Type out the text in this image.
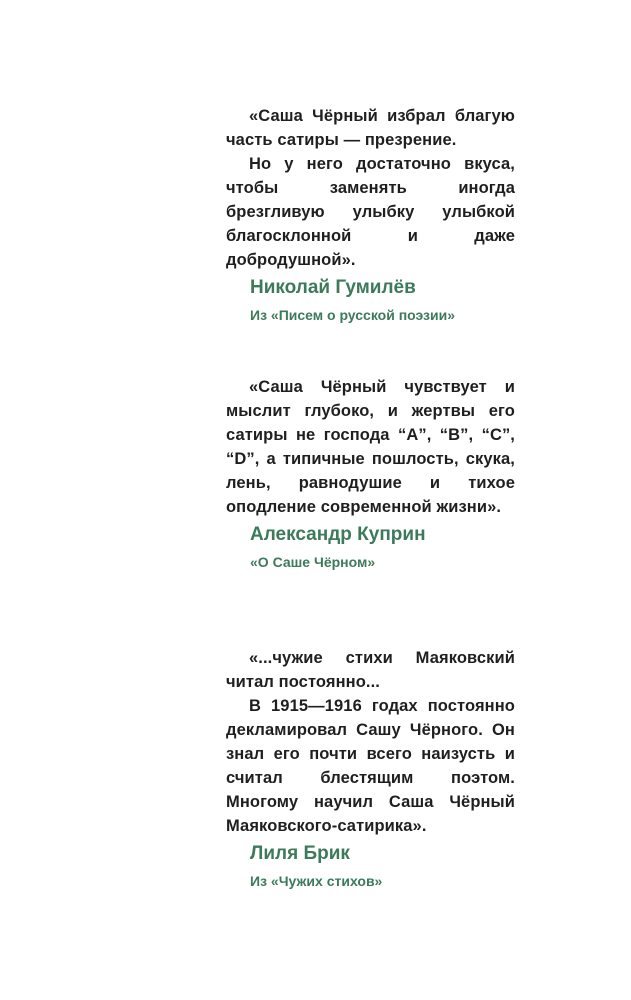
«Саша Чёрный избрал благую часть сатиры — презрение.

Но у него достаточно вкуса, чтобы заменять иногда брезгливую улыбку улыбкой благосклонной и даже добродушной».

Николай Гумилёв
Из «Писем о русской поэзии»

«Саша Чёрный чувствует и мыслит глубоко, и жертвы его сатиры не господа “А”, “В”, “С”, “D”, а типичные пошлость, скука, лень, равнодушие и тихое оподление современной жизни».

Александр Куприн
«О Саше Чёрном»

«...чужие стихи Маяковский читал постоянно...

В 1915—1916 годах постоянно декламировал Сашу Чёрного. Он знал его почти всего наизусть и считал блестящим поэтом. Многому научил Саша Чёрный Маяковского-сатирика».

Лиля Брик
Из «Чужих стихов»
